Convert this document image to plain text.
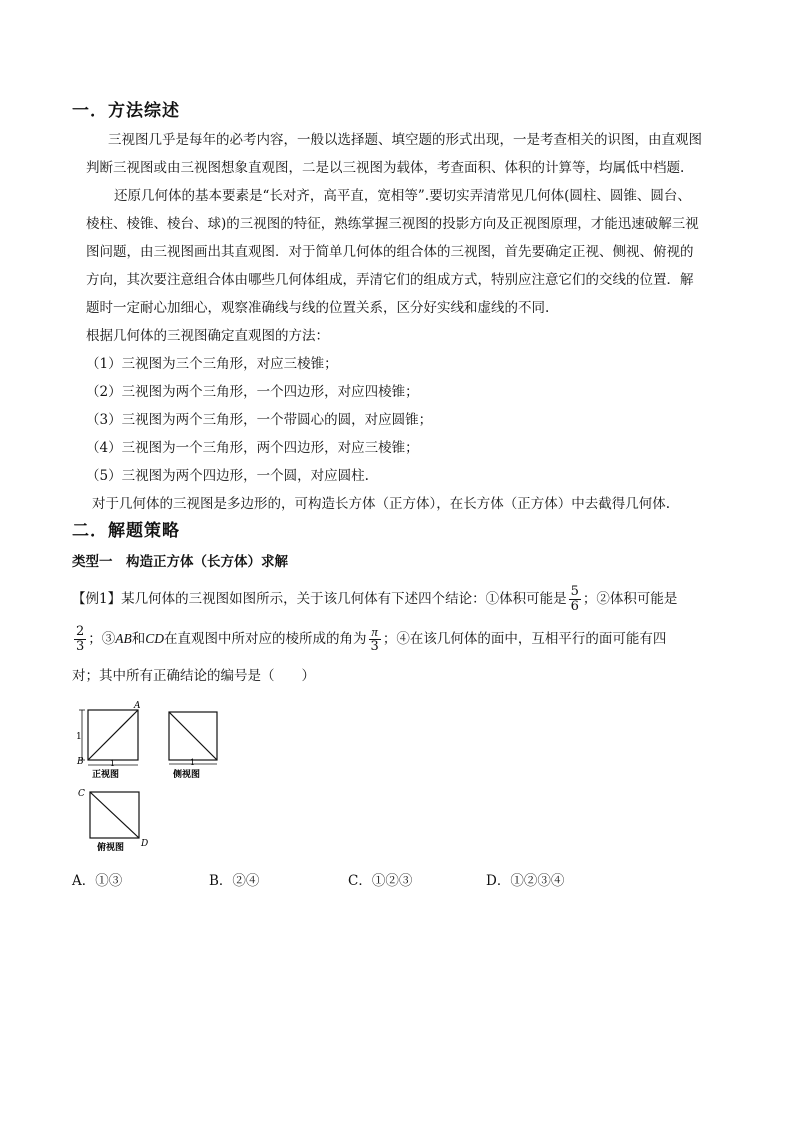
一．方法综述
三视图几乎是每年的必考内容，一般以选择题、填空题的形式出现，一是考查相关的识图，由直观图
判断三视图或由三视图想象直观图，二是以三视图为载体，考查面积、体积的计算等，均属低中档题.
还原几何体的基本要素是“长对齐，高平直，宽相等”.要切实弄清常见几何体(圆柱、圆锥、圆台、
棱柱、棱锥、棱台、球)的三视图的特征，熟练掌握三视图的投影方向及正视图原理，才能迅速破解三视
图问题，由三视图画出其直观图．对于简单几何体的组合体的三视图，首先要确定正视、侧视、俯视的
方向，其次要注意组合体由哪些几何体组成，弄清它们的组成方式，特别应注意它们的交线的位置．解
题时一定耐心加细心，观察准确线与线的位置关系，区分好实线和虚线的不同.
根据几何体的三视图确定直观图的方法：
（1）三视图为三个三角形，对应三棱锥；
（2）三视图为两个三角形，一个四边形，对应四棱锥；
（3）三视图为两个三角形，一个带圆心的圆，对应圆锥；
（4）三视图为一个三角形，两个四边形，对应三棱锥；
（5）三视图为两个四边形，一个圆，对应圆柱.
对于几何体的三视图是多边形的，可构造长方体（正方体），在长方体（正方体）中去截得几何体.
二．解题策略
类型一　构造正方体（长方体）求解
【例1】某几何体的三视图如图所示，关于该几何体有下述四个结论：①体积可能是 $\frac{5}{6}$ ；②体积可能是
$\frac{2}{3}$ ；③AB和CD在直观图中所对应的棱所成的角为 $\frac{\pi}{3}$ ；④在该几何体的面中，互相平行的面可能有四
对；其中所有正确结论的编号是（　　）
1
1
A
B
正视图
1
侧视图
C
D
俯视图
A．①③	B．②④	C．①②③	D．①②③④
